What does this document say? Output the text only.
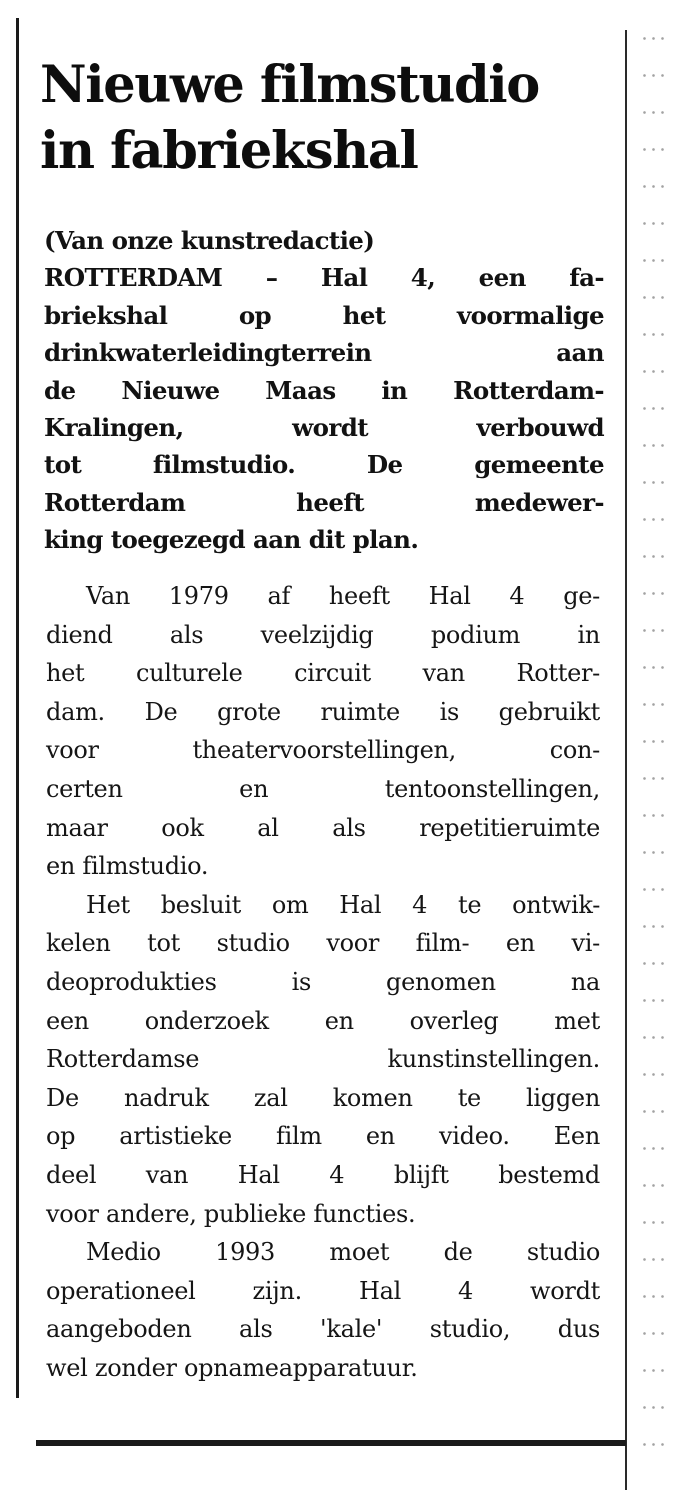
Nieuwe filmstudio
in fabriekshal
(Van onze kunstredactie)
ROTTERDAM – Hal 4, een fa-
briekshal op het voormalige
drinkwaterleidingterrein aan
de Nieuwe Maas in Rotterdam-
Kralingen, wordt verbouwd
tot filmstudio. De gemeente
Rotterdam heeft medewer-
king toegezegd aan dit plan.
Van 1979 af heeft Hal 4 ge-
diend als veelzijdig podium in
het culturele circuit van Rotter-
dam. De grote ruimte is gebruikt
voor theatervoorstellingen, con-
certen en tentoonstellingen,
maar ook al als repetitieruimte
en filmstudio.
Het besluit om Hal 4 te ontwik-
kelen tot studio voor film- en vi-
deoprodukties is genomen na
een onderzoek en overleg met
Rotterdamse kunstinstellingen.
De nadruk zal komen te liggen
op artistieke film en video. Een
deel van Hal 4 blijft bestemd
voor andere, publieke functies.
Medio 1993 moet de studio
operationeel zijn. Hal 4 wordt
aangeboden als 'kale' studio, dus
wel zonder opnameapparatuur.
